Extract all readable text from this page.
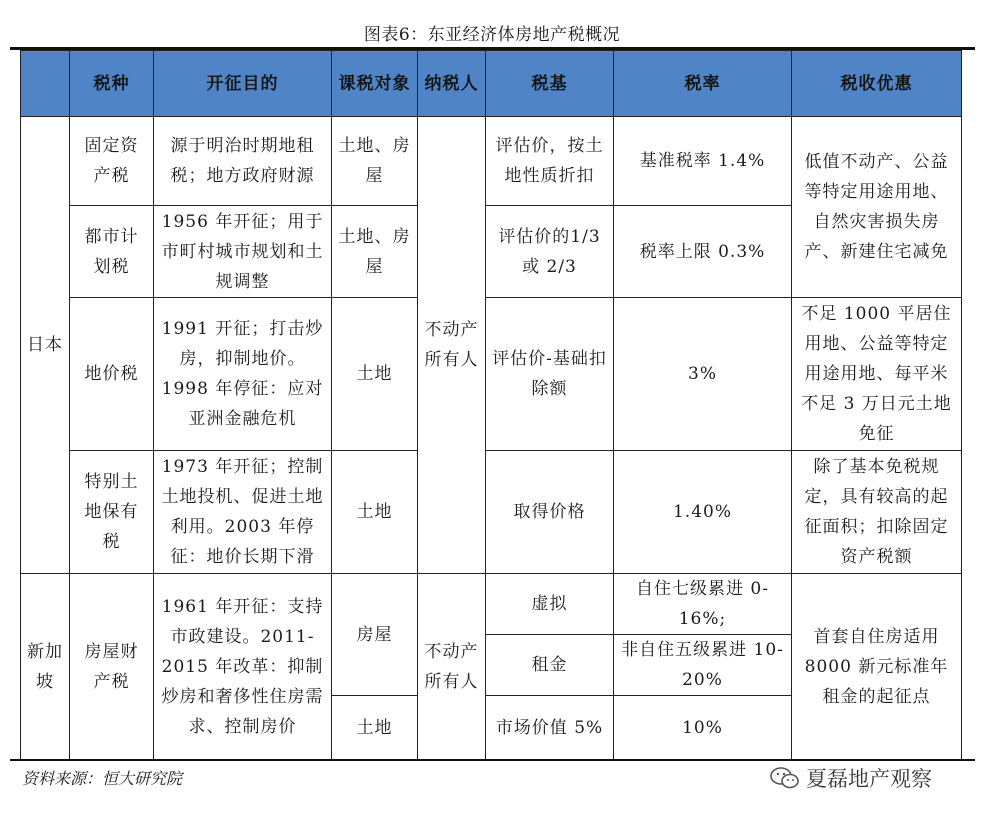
图表6：东亚经济体房地产税概况
	税种	开征目的	课税对象	纳税人	税基	税率	税收优惠
日本	固定资产税	源于明治时期地租税；地方政府财源	土地、房屋	不动产所有人	评估价，按土地性质折扣	基准税率 1.4%	低值不动产、公益等特定用途用地、自然灾害损失房产、新建住宅减免
	都市计划税	1956 年开征；用于市町村城市规划和土规调整	土地、房屋		评估价的1/3 或 2/3	税率上限 0.3%	
	地价税	1991 开征；打击炒房，抑制地价。1998 年停征：应对亚洲金融危机	土地		评估价-基础扣除额	3%	不足 1000 平居住用地、公益等特定用途用地、每平米不足 3 万日元土地免征
	特别土地保有税	1973 年开征；控制土地投机、促进土地利用。2003 年停征：地价长期下滑	土地		取得价格	1.40%	除了基本免税规定，具有较高的起征面积；扣除固定资产税额
新加坡	房屋财产税	1961 年开征：支持市政建设。2011-2015 年改革：抑制炒房和奢侈性住房需求、控制房价	房屋	不动产所有人	虚拟	自住七级累进 0-16%;	首套自住房适用 8000 新元标准年租金的起征点
					租金	非自住五级累进 10-20%	
			土地		市场价值 5%	10%	
资料来源：恒大研究院	夏磊地产观察
